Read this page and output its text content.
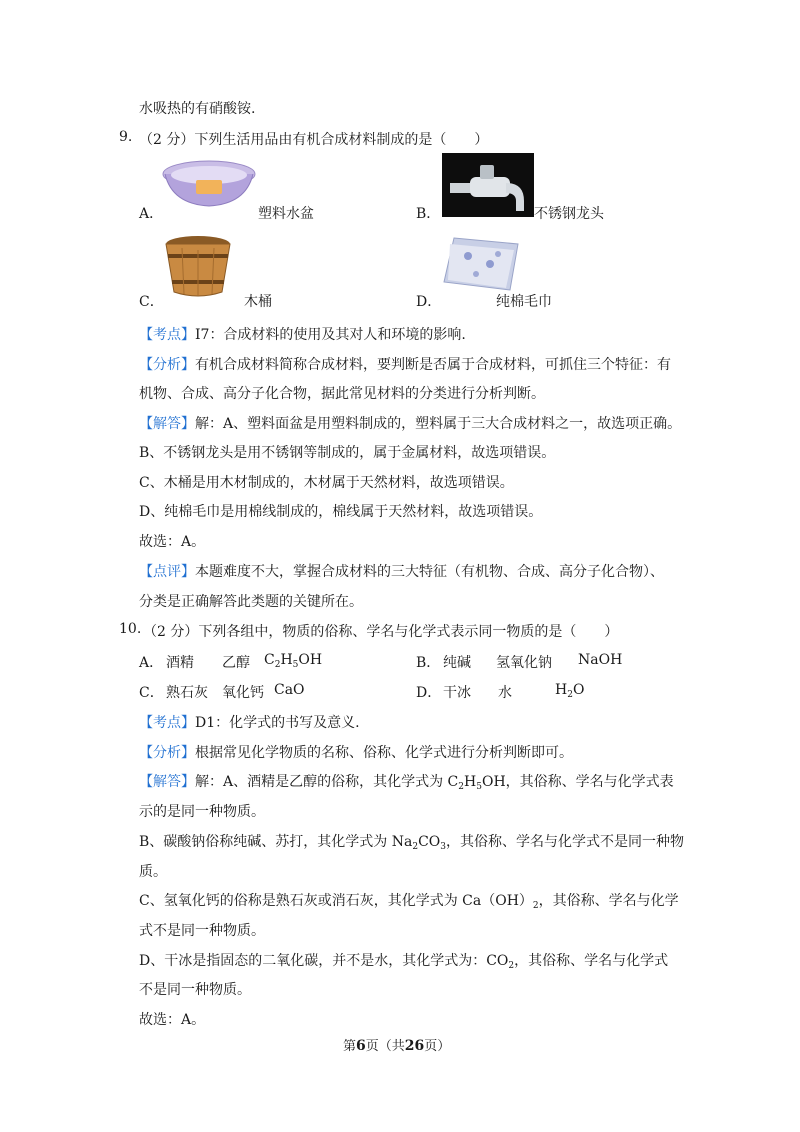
水吸热的有硝酸铵.
9. （2 分）下列生活用品由有机合成材料制成的是（　　）
A．	塑料水盆	B．	不锈钢龙头
C．	木桶	D．	纯棉毛巾
【考点】I7：合成材料的使用及其对人和环境的影响.
【分析】有机合成材料简称合成材料，要判断是否属于合成材料，可抓住三个特征：有
机物、合成、高分子化合物，据此常见材料的分类进行分析判断。
【解答】解：A、塑料面盆是用塑料制成的，塑料属于三大合成材料之一，故选项正确。
B、不锈钢龙头是用不锈钢等制成的，属于金属材料，故选项错误。
C、木桶是用木材制成的，木材属于天然材料，故选项错误。
D、纯棉毛巾是用棉线制成的，棉线属于天然材料，故选项错误。
故选：A。
【点评】本题难度不大，掌握合成材料的三大特征（有机物、合成、高分子化合物）、
分类是正确解答此类题的关键所在。
10. （2 分）下列各组中，物质的俗称、学名与化学式表示同一物质的是（　　）
A． 酒精 乙醇 $C_2H_5OH$	B． 纯碱 氢氧化钠 NaOH
C． 熟石灰 氧化钙 CaO	D． 干冰 水	$H_2O$
【考点】D1：化学式的书写及意义.
【分析】根据常见化学物质的名称、俗称、化学式进行分析判断即可。
【解答】解：A、酒精是乙醇的俗称，其化学式为 $C_2H_5OH$，其俗称、学名与化学式表
示的是同一种物质。
B、碳酸钠俗称纯碱、苏打，其化学式为 $Na_2CO_3$，其俗称、学名与化学式不是同一种物
质。
C、氢氧化钙的俗称是熟石灰或消石灰，其化学式为 $Ca(OH)_2$，其俗称、学名与化学
式不是同一种物质。
D、干冰是指固态的二氧化碳，并不是水，其化学式为：$CO_2$，其俗称、学名与化学式
不是同一种物质。
故选：A。
第6页（共26页）
